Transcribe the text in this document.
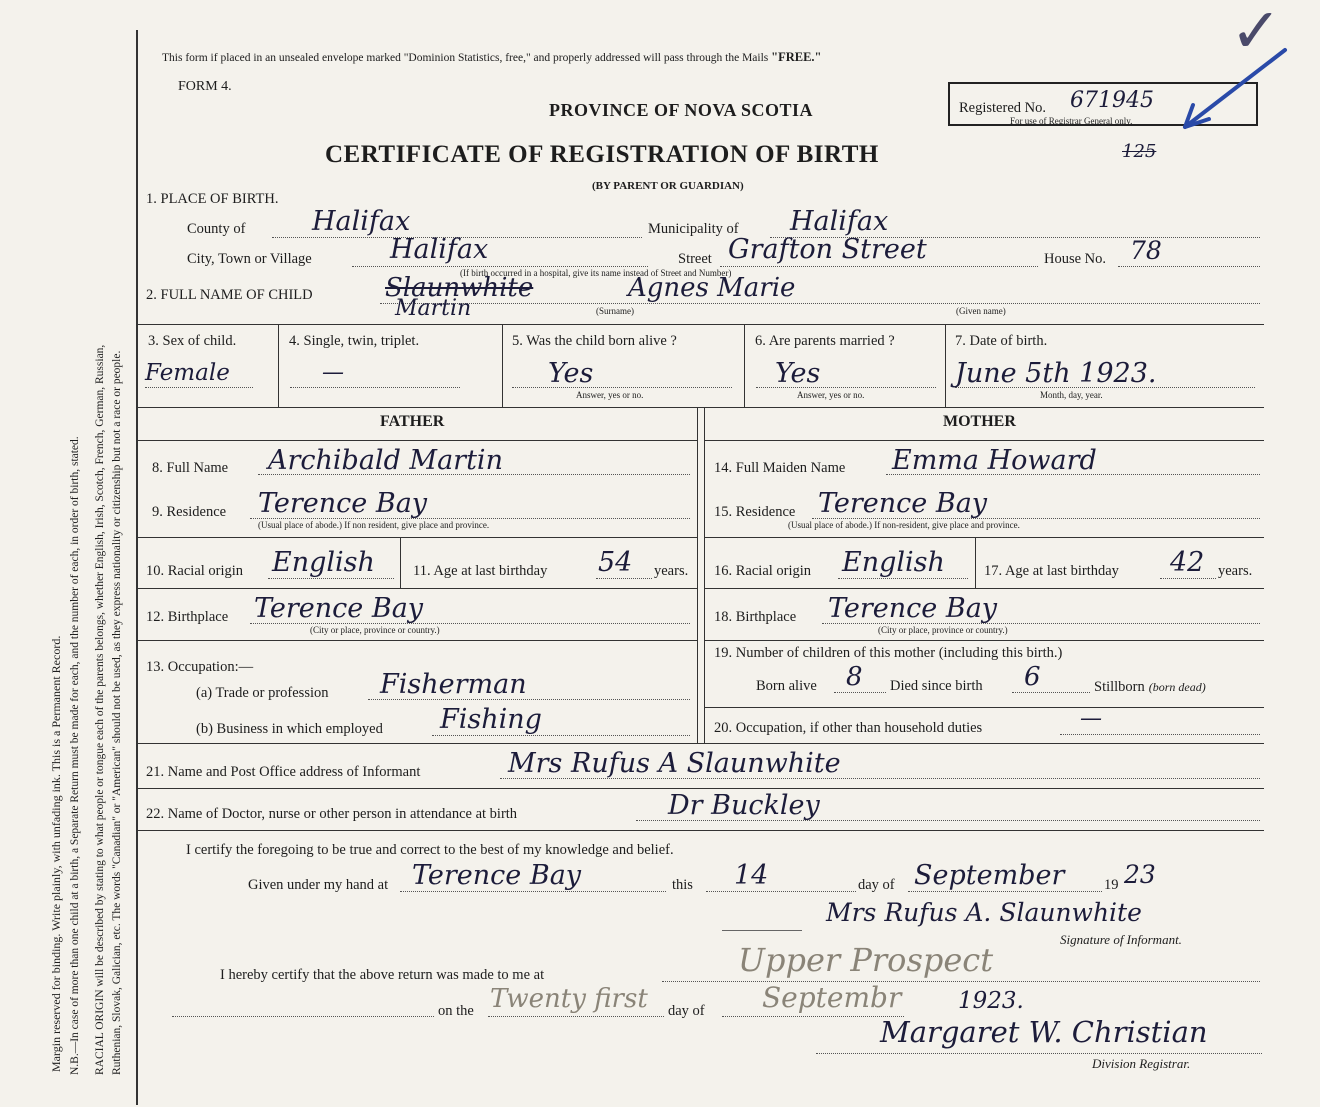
Margin reserved for binding. Write plainly, with unfading ink. This is a Permanent Record. N.B.—In case of more than one child at a birth, a Separate Return must be made for each, and the number of each, in order of birth, stated. RACIAL ORIGIN will be described by stating to what people or tongue each of the parents belongs, whether English, Irish, Scotch, French, German, Russian, Ruthenian, Slovak, Galician, etc. The words "Canadian" or "American" should not be used, as they express nationality or citizenship but not a race or people.
This form if placed in an unsealed envelope marked "Dominion Statistics, free," and properly addressed will pass through the Mails "FREE."
FORM 4.
PROVINCE OF NOVA SCOTIA
CERTIFICATE OF REGISTRATION OF BIRTH
(BY PARENT OR GUARDIAN)
Registered No. 671945
For use of Registrar General only.
✓
125
1. PLACE OF BIRTH.
County of Halifax	Municipality of Halifax
City, Town or Village	Halifax	Street Grafton Street	House No. 78
(If birth occurred in a hospital, give its name instead of Street and Number)
2. FULL NAME OF CHILD	Slaunwhite
Martin
Agnes Marie
(Surname)	(Given name)
3. Sex of child.
Female
4. Single, twin, triplet.
—
5. Was the child born alive ?
Yes
Answer, yes or no.
6. Are parents married ?
Yes
Answer, yes or no.
7. Date of birth.
June 5th 1923.
Month, day, year.
FATHER
8. Full Name Archibald Martin
9. Residence Terence Bay
(Usual place of abode.) If non resident, give place and province.
10. Racial origin English	11. Age at last birthday 54 years.
12. Birthplace Terence Bay
(City or place, province or country.)
13. Occupation:—
(a) Trade or profession Fisherman
(b) Business in which employed Fishing
MOTHER
14. Full Maiden Name Emma Howard
15. Residence Terence Bay
(Usual place of abode.) If non-resident, give place and province.
16. Racial origin English	17. Age at last birthday 42 years.
18. Birthplace Terence Bay
(City or place, province or country.)
19. Number of children of this mother (including this birth.)
Born alive 8 Died since birth 6	Stillborn (born dead)
20. Occupation, if other than household duties	—
21. Name and Post Office address of Informant	Mrs Rufus A Slaunwhite
22. Name of Doctor, nurse or other person in attendance at birth	Dr Buckley
I certify the foregoing to be true and correct to the best of my knowledge and belief.
Given under my hand at Terence Bay	this 14	day of September	19 23
Mrs Rufus A. Slaunwhite
Signature of Informant.
I hereby certify that the above return was made to me at	Upper Prospect
on the Twenty first day of Septembr 1923.
Margaret W. Christian
Division Registrar.
